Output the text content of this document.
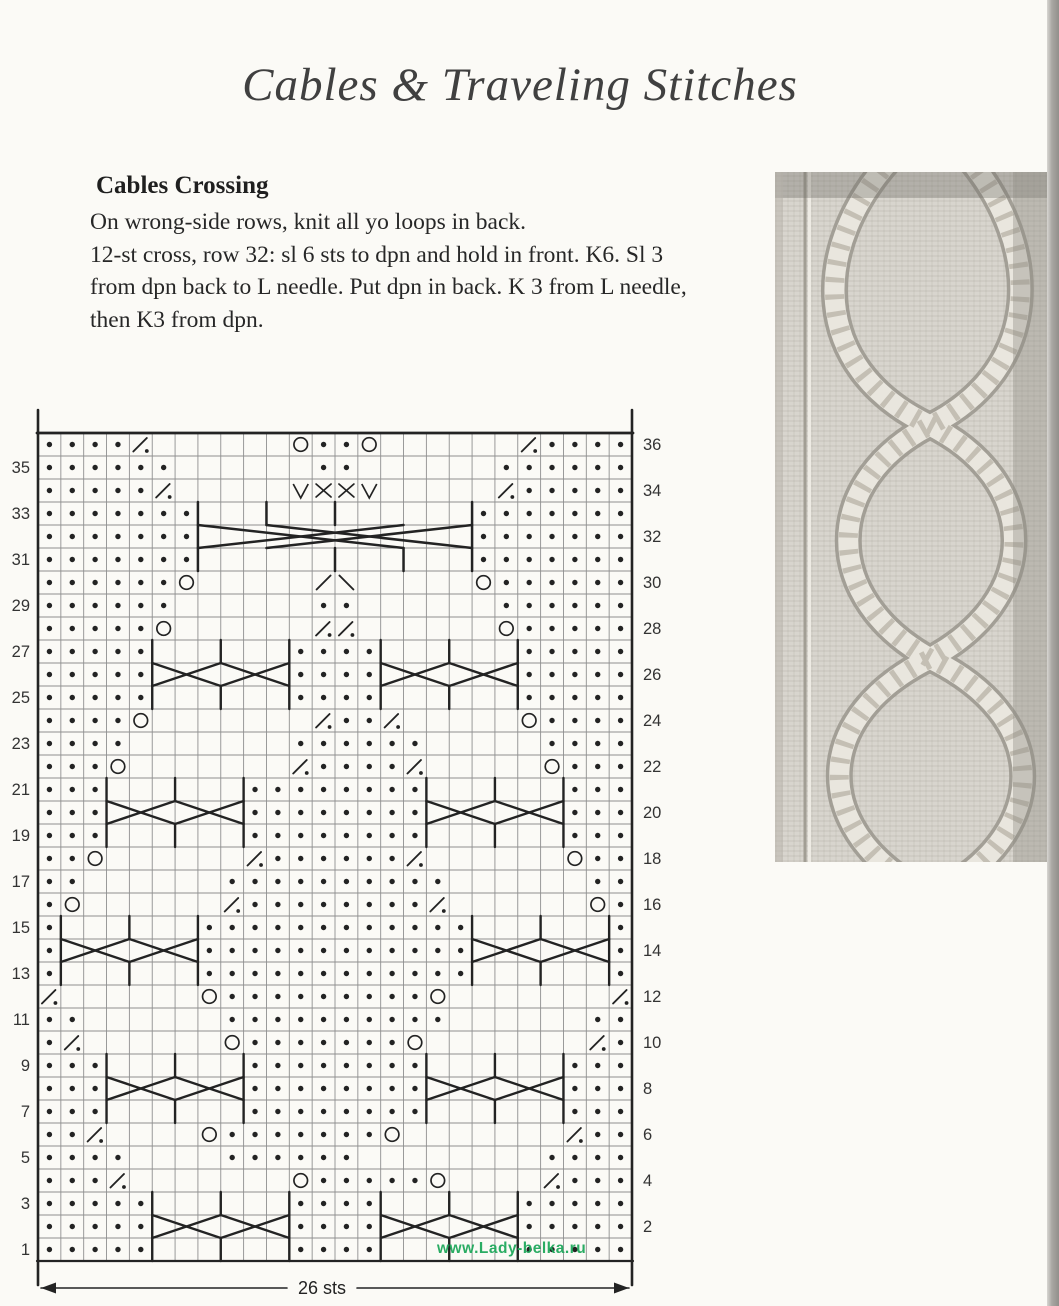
Cables & Traveling Stitches
Cables Crossing
On wrong-side rows, knit all yo loops in back.
12-st cross, row 32: sl 6 sts to dpn and hold in front. K6. Sl 3
from dpn back to L needle. Put dpn in back. K 3 from L needle,
then K3 from dpn.
35
33
31
29
27
25
23
21
19
17
15
13
11
9
7
5
3
1
36
34
32
30
28
26
24
22
20
18
16
14
12
10
8
6
4
2
26 sts
www.Lady-belka.ru
